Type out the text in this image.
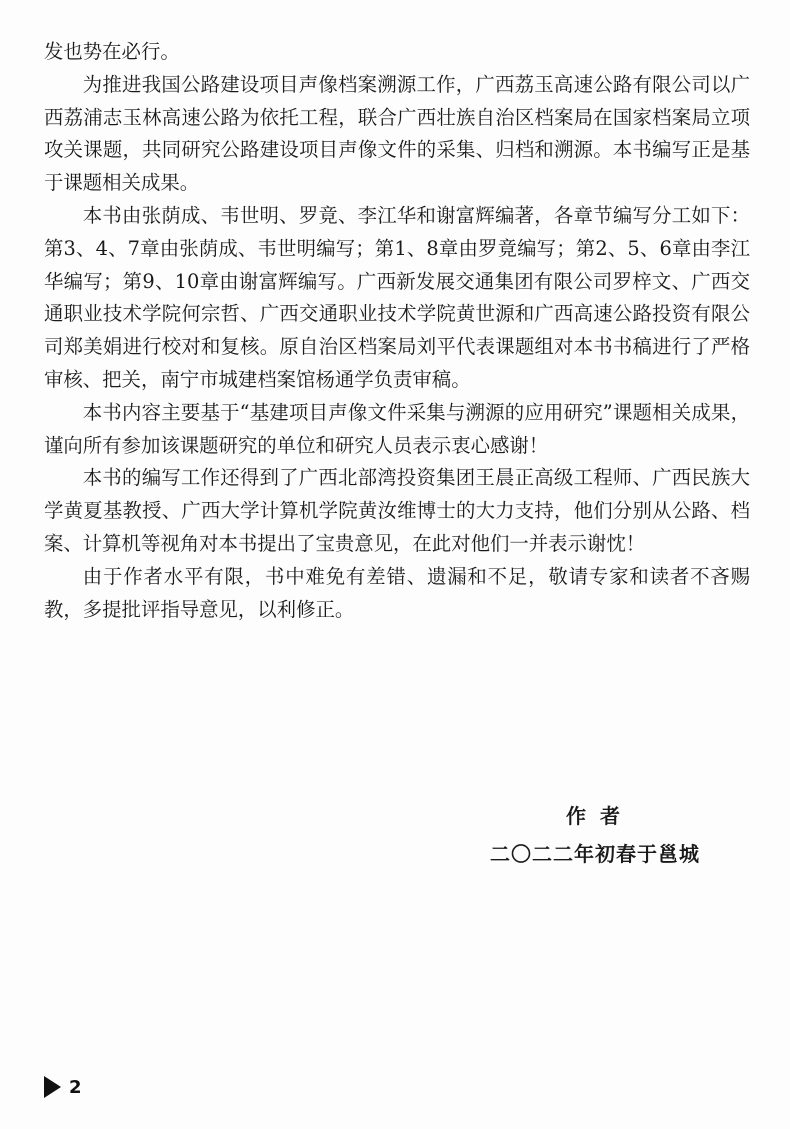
发也势在必行。

为推进我国公路建设项目声像档案溯源工作，广西荔玉高速公路有限公司以广西荔浦志玉林高速公路为依托工程，联合广西壮族自治区档案局在国家档案局立项攻关课题，共同研究公路建设项目声像文件的采集、归档和溯源。本书编写正是基于课题相关成果。

本书由张荫成、韦世明、罗竟、李江华和谢富辉编著，各章节编写分工如下：第3、4、7章由张荫成、韦世明编写；第1、8章由罗竟编写；第2、5、6章由李江华编写；第9、10章由谢富辉编写。广西新发展交通集团有限公司罗梓文、广西交通职业技术学院何宗哲、广西交通职业技术学院黄世源和广西高速公路投资有限公司郑美娟进行校对和复核。原自治区档案局刘平代表课题组对本书书稿进行了严格审核、把关，南宁市城建档案馆杨通学负责审稿。

本书内容主要基于“基建项目声像文件采集与溯源的应用研究”课题相关成果，谨向所有参加该课题研究的单位和研究人员表示衷心感谢！

本书的编写工作还得到了广西北部湾投资集团王晨正高级工程师、广西民族大学黄夏基教授、广西大学计算机学院黄汝维博士的大力支持，他们分别从公路、档案、计算机等视角对本书提出了宝贵意见，在此对他们一并表示谢忱！

由于作者水平有限，书中难免有差错、遗漏和不足，敬请专家和读者不吝赐教，多提批评指导意见，以利修正。

作者
二〇二二年初春于邕城
2
